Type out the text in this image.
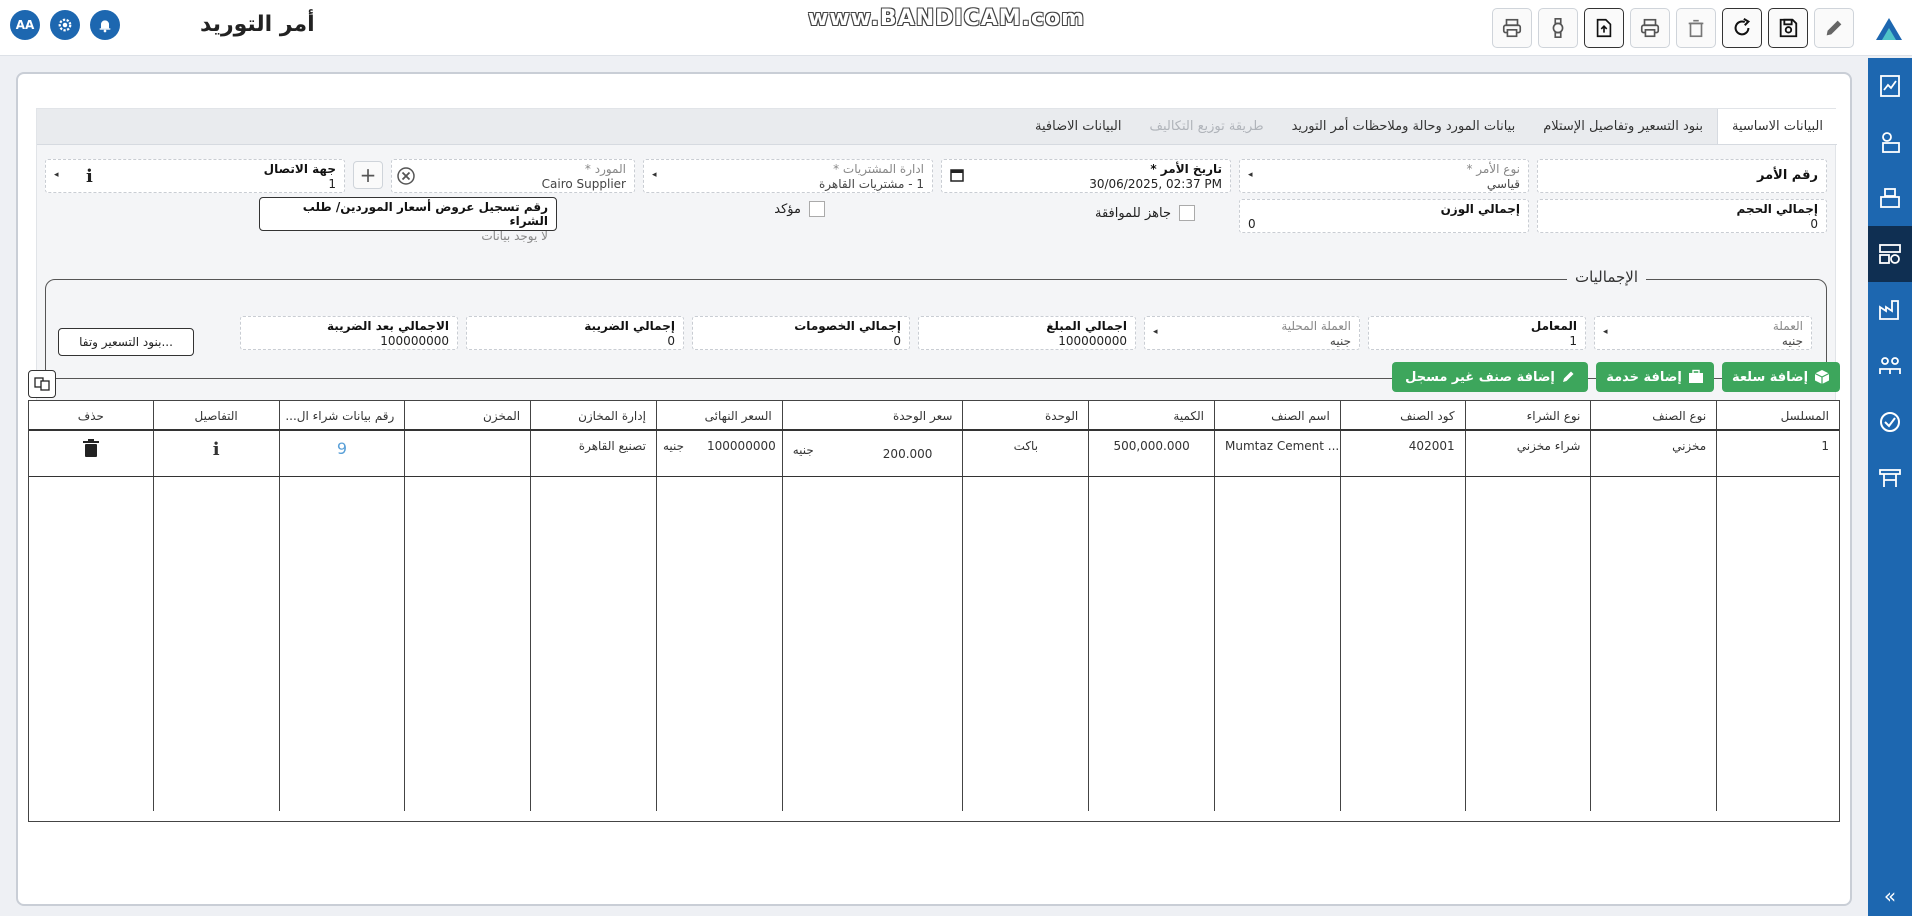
AA	أمر التوريد	www.BANDICAM.com
«
البيانات الاساسية
بنود التسعير وتفاصيل الإستلام
بيانات المورد وحالة وملاحظات أمر التوريد
طريقة توزيع التكاليف
البيانات الاضافية
رقم الأمر
نوع الأمر *
قياسي
◂
تاريخ الأمر *
30/06/2025, 02:37 PM
ادارة المشتريات *
1 - مشتريات القاهرة
◂
المورد *
Cairo Supplier
+
جهة الاتصال
1
i
◂
إجمالي الحجم
0
إجمالي الوزن
0
جاهز للموافقة
مؤكد
رقم تسجيل عروض أسعار الموردين/ طلب الشراء
لا يوجد بيانات
الإجماليات
العملة
جنيه
◂
المعامل
1
العملة المحلية
جنيه
◂
اجمالي المبلغ
100000000
إجمالي الخصومات
0
إجمالي الضريبة
0
الاجمالي بعد الضريبة
100000000
بنود التسعير وتفا...
إضافة سلعة
إضافة خدمة
إضافة صنف غير مسجل
المسلسل
نوع الصنف
نوع الشراء
كود الصنف
اسم الصنف
الكمية
الوحدة
سعر الوحدة
السعر النهائى
إدارة المخازن
المخزن
رقم بيانات شراء ال...
التفاصيل
حذف
1
مخزني
شراء مخزني
402001
Mumtaz Cement ...
500,000.000
باكت
200.000
جنيه
100000000
جنيه
تصنيع القاهرة
9
i
